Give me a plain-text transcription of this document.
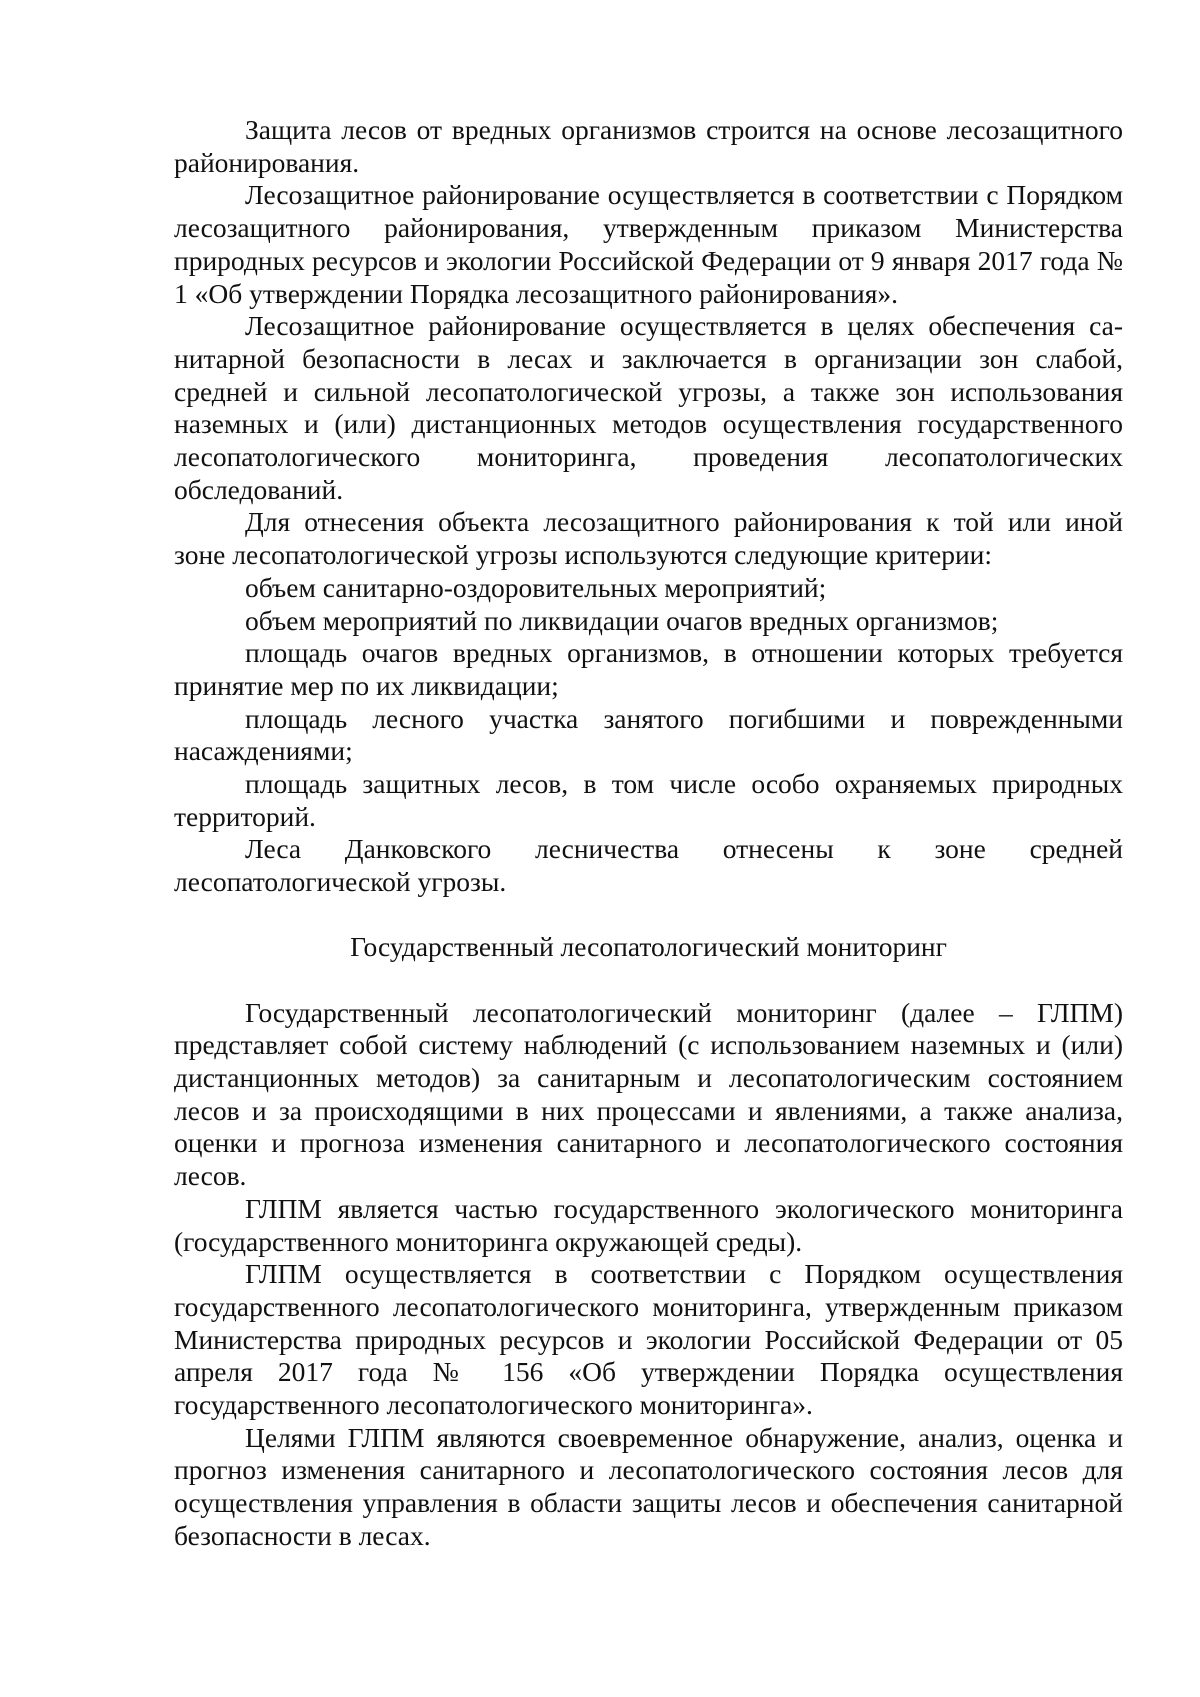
Защита лесов от вредных организмов строится на основе лесозащитного районирования.

Лесозащитное районирование осуществляется в соответствии с Порядком лесозащитного районирования, утвержденным приказом Министерства природных ресурсов и экологии Российской Федерации от 9 января 2017 года № 1 «Об утверждении Порядка лесозащитного районирования».

Лесозащитное районирование осуществляется в целях обеспечения санитарной безопасности в лесах и заключается в организации зон слабой, средней и сильной лесопатологической угрозы, а также зон использования наземных и (или) дистанционных методов осуществления государственного лесопатологического мониторинга, проведения лесопатологических обследований.

Для отнесения объекта лесозащитного районирования к той или иной зоне лесопатологической угрозы используются следующие критерии:

объем санитарно-оздоровительных мероприятий;

объем мероприятий по ликвидации очагов вредных организмов;

площадь очагов вредных организмов, в отношении которых требуется принятие мер по их ликвидации;

площадь лесного участка занятого погибшими и поврежденными насаждениями;

площадь защитных лесов, в том числе особо охраняемых природных территорий.

Леса Данковского лесничества отнесены к зоне средней лесопатологической угрозы.

Государственный лесопатологический мониторинг

Государственный лесопатологический мониторинг (далее – ГЛПМ) представляет собой систему наблюдений (с использованием наземных и (или) дистанционных методов) за санитарным и лесопатологическим состоянием лесов и за происходящими в них процессами и явлениями, а также анализа, оценки и прогноза изменения санитарного и лесопатологического состояния лесов.

ГЛПМ является частью государственного экологического мониторинга (государственного мониторинга окружающей среды).

ГЛПМ осуществляется в соответствии с Порядком осуществления государственного лесопатологического мониторинга, утвержденным приказом Министерства природных ресурсов и экологии Российской Федерации от 05 апреля 2017 года № 156 «Об утверждении Порядка осуществления государственного лесопатологического мониторинга».

Целями ГЛПМ являются своевременное обнаружение, анализ, оценка и прогноз изменения санитарного и лесопатологического состояния лесов для осуществления управления в области защиты лесов и обеспечения санитарной безопасности в лесах.
